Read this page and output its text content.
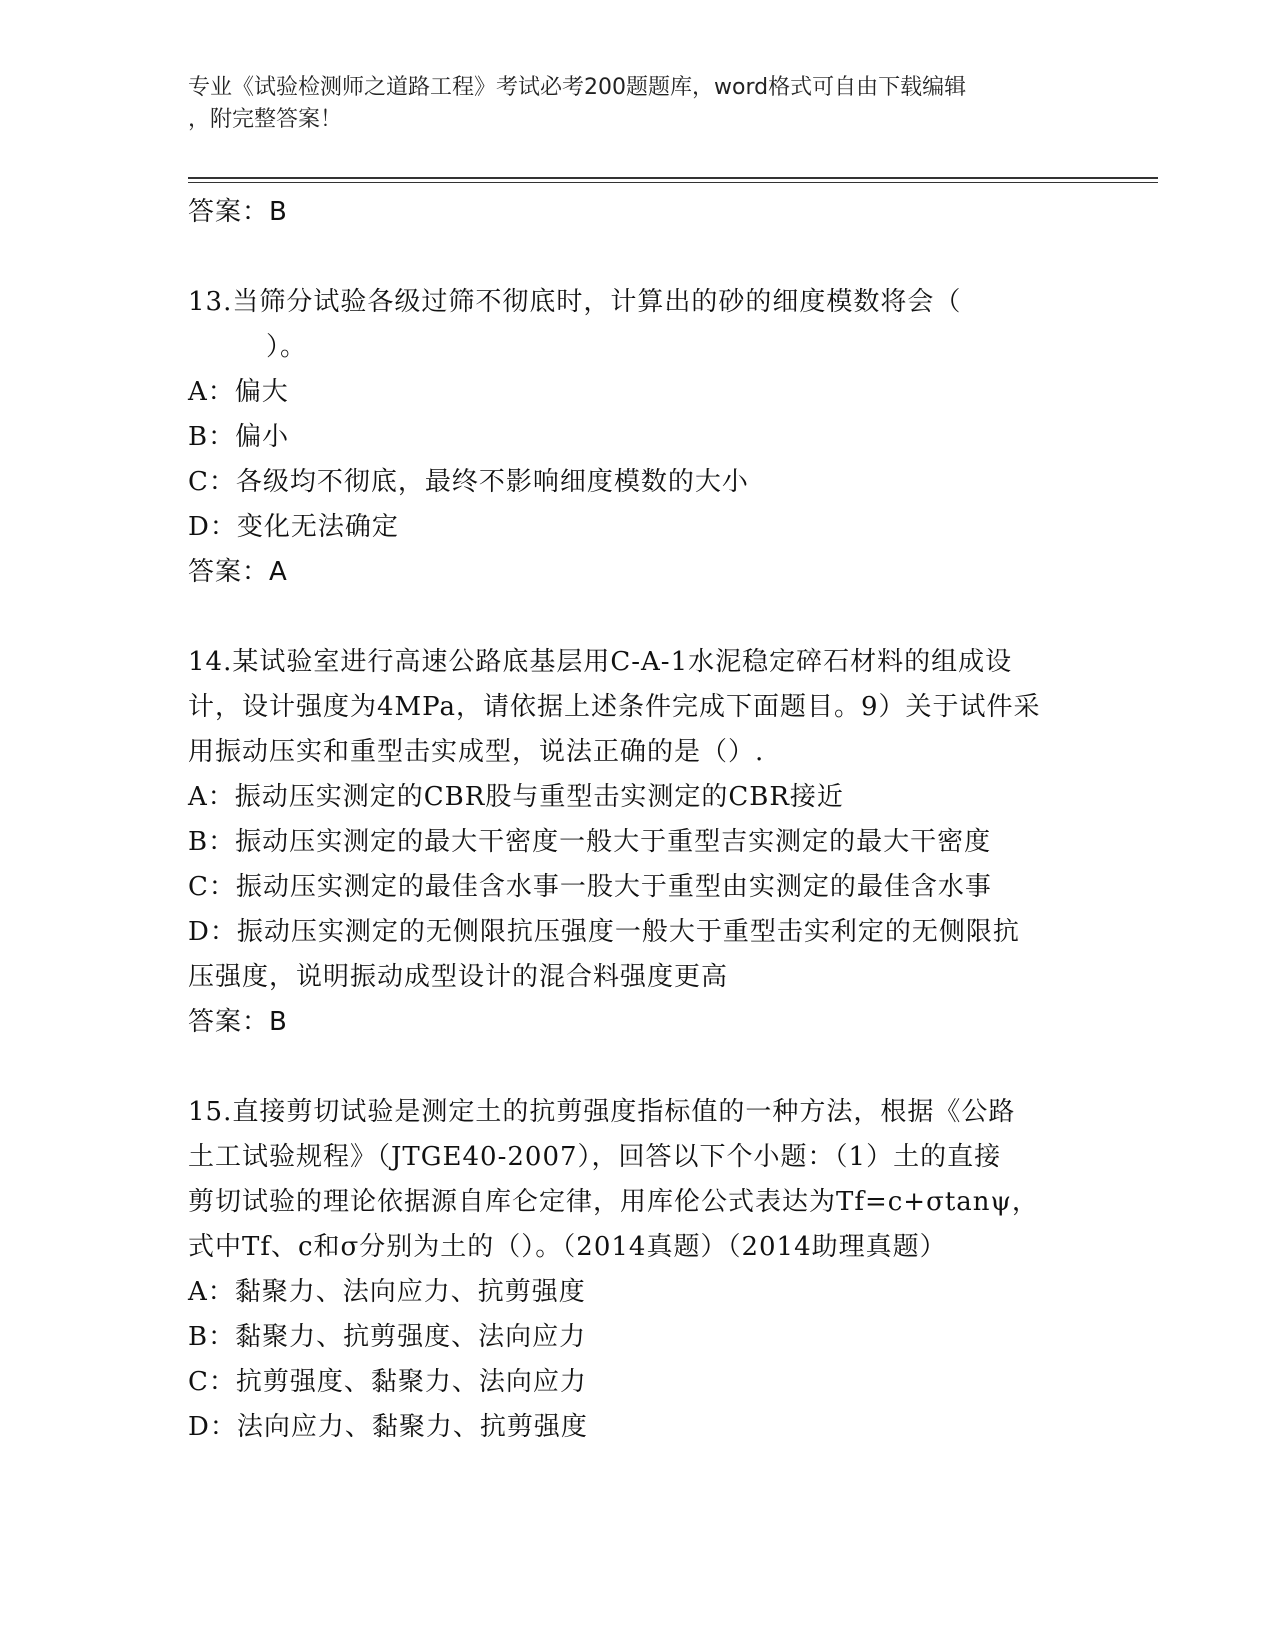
专业《试验检测师之道路工程》考试必考200题题库，word格式可自由下载编辑
，附完整答案！

答案：B

13.当筛分试验各级过筛不彻底时，计算出的砂的细度模数将会（

）。

A：偏大

B：偏小

C：各级均不彻底，最终不影响细度模数的大小

D：变化无法确定

答案：A

14.某试验室进行高速公路底基层用C-A-1水泥稳定碎石材料的组成设

计，设计强度为4MPa，请依据上述条件完成下面题目。9）关于试件采

用振动压实和重型击实成型，说法正确的是（）.

A：振动压实测定的CBR股与重型击实测定的CBR接近

B：振动压实测定的最大干密度一般大于重型吉实测定的最大干密度

C：振动压实测定的最佳含水事一股大于重型由实测定的最佳含水事

D：振动压实测定的无侧限抗压强度一般大于重型击实利定的无侧限抗

压强度，说明振动成型设计的混合料强度更高

答案：B

15.直接剪切试验是测定土的抗剪强度指标值的一种方法，根据《公路

土工试验规程》（JTGE40-2007），回答以下个小题：（1）土的直接

剪切试验的理论依据源自库仑定律，用库伦公式表达为Tf=c+σtanψ，

式中Tf、c和σ分别为土的（）。（2014真题）（2014助理真题）

A：黏聚力、法向应力、抗剪强度

B：黏聚力、抗剪强度、法向应力

C：抗剪强度、黏聚力、法向应力

D：法向应力、黏聚力、抗剪强度
